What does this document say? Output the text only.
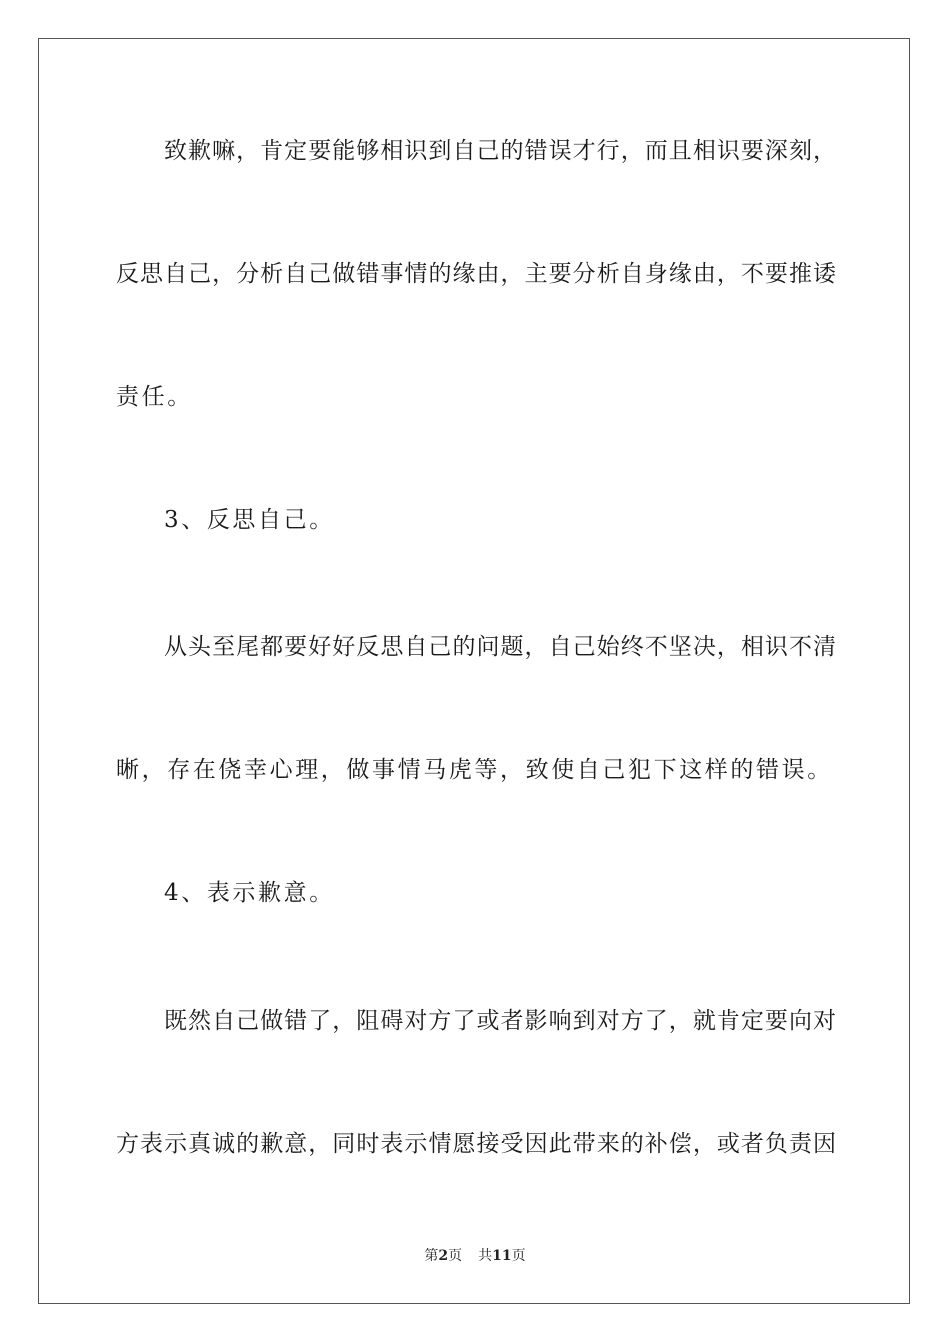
致歉嘛，肯定要能够相识到自己的错误才行，而且相识要深刻，
反思自己，分析自己做错事情的缘由，主要分析自身缘由，不要推诿
责任。
3、反思自己。
从头至尾都要好好反思自己的问题，自己始终不坚决，相识不清
晰，存在侥幸心理，做事情马虎等，致使自己犯下这样的错误。
4、表示歉意。
既然自己做错了，阻碍对方了或者影响到对方了，就肯定要向对
方表示真诚的歉意，同时表示情愿接受因此带来的补偿，或者负责因
第2页 共11页
